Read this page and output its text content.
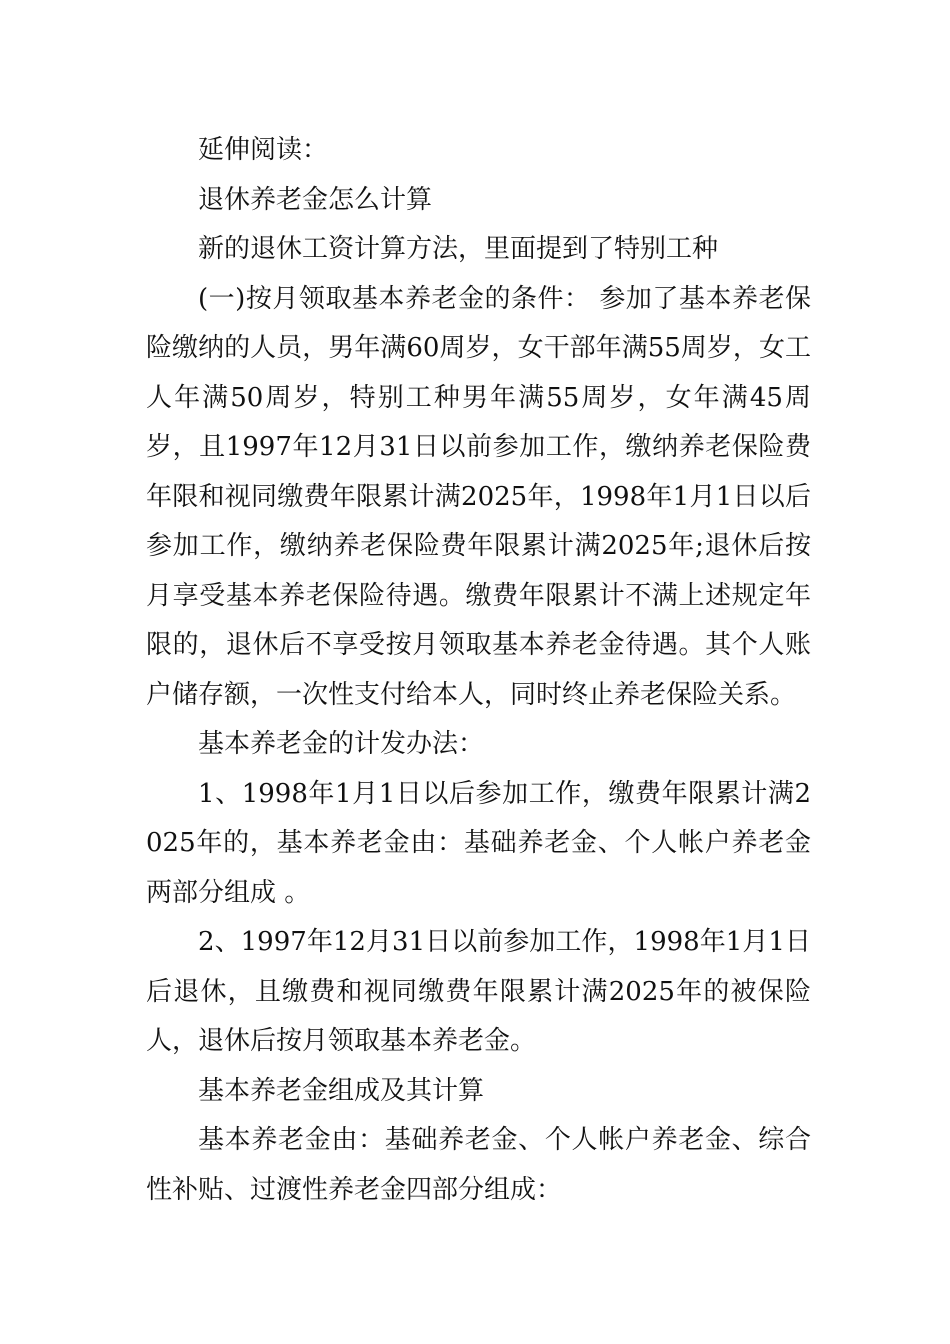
延伸阅读：

退休养老金怎么计算

新的退休工资计算方法，里面提到了特别工种

(一)按月领取基本养老金的条件： 参加了基本养老保险缴纳的人员，男年满60周岁，女干部年满55周岁，女工人年满50周岁，特别工种男年满55周岁，女年满45周岁，且1997年12月31日以前参加工作，缴纳养老保险费年限和视同缴费年限累计满2025年，1998年1月1日以后参加工作，缴纳养老保险费年限累计满2025年;退休后按月享受基本养老保险待遇。缴费年限累计不满上述规定年限的，退休后不享受按月领取基本养老金待遇。其个人账户储存额，一次性支付给本人，同时终止养老保险关系。

基本养老金的计发办法：

1、1998年1月1日以后参加工作，缴费年限累计满2025年的，基本养老金由：基础养老金、个人帐户养老金两部分组成 。

2、1997年12月31日以前参加工作，1998年1月1日后退休，且缴费和视同缴费年限累计满2025年的被保险人，退休后按月领取基本养老金。

基本养老金组成及其计算

基本养老金由：基础养老金、个人帐户养老金、综合性补贴、过渡性养老金四部分组成：
